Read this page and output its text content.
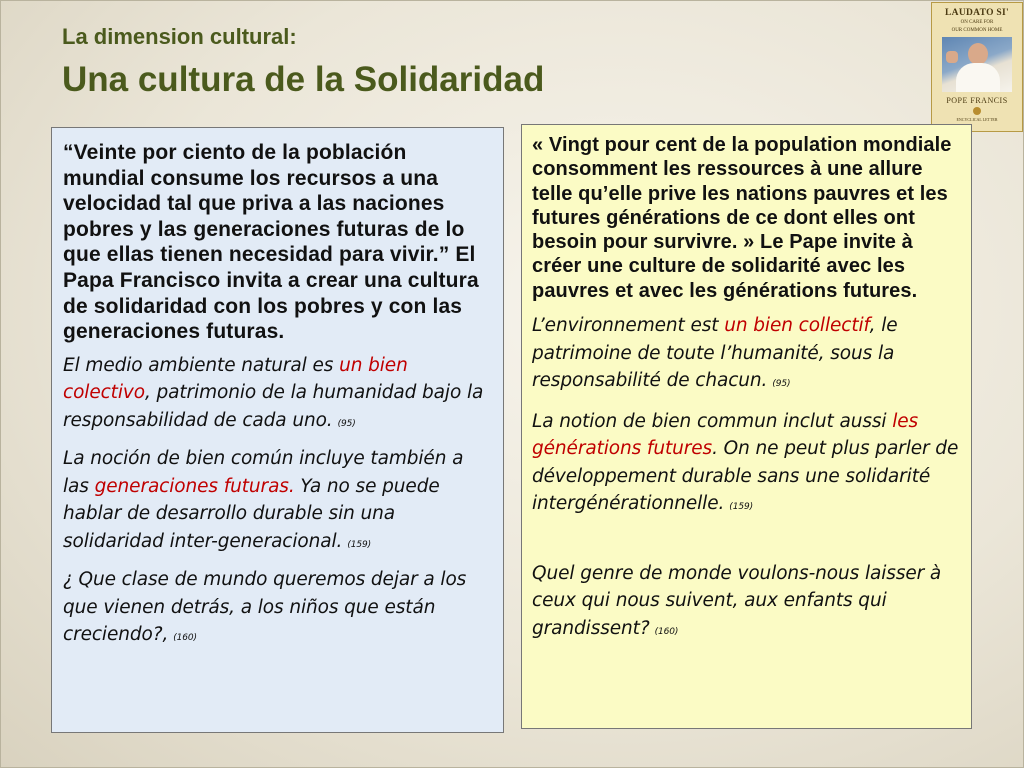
La dimension cultural:
Una cultura de la Solidaridad
LAUDATO SI'
ON CARE FOR
OUR COMMON HOME
POPE FRANCIS
ENCYCLICAL LETTER

“Veinte por ciento de la población mundial consume los recursos a una velocidad tal que priva a las naciones pobres y las generaciones futuras de lo que ellas tienen necesidad para vivir.” El Papa Francisco invita a crear una cultura de solidaridad con los pobres y con las generaciones futuras.

El medio ambiente natural es un bien colectivo, patrimonio de la humanidad bajo la responsabilidad de cada uno. (95)

La noción de bien común incluye también a las generaciones futuras. Ya no se puede hablar de desarrollo durable sin una solidaridad inter-generacional. (159)

¿ Que clase de mundo queremos dejar a los que vienen detrás, a los niños que están creciendo?, (160)

« Vingt pour cent de la population mondiale consomment les ressources à une allure telle qu’elle prive les nations pauvres et les futures générations de ce dont elles ont besoin pour survivre. » Le Pape invite à créer une culture de solidarité avec les pauvres et avec les générations futures.

L’environnement est un bien collectif, le patrimoine de toute l’humanité, sous la responsabilité de chacun. (95)

La notion de bien commun inclut aussi les générations futures. On ne peut plus parler de développement durable sans une solidarité intergénérationnelle. (159)

Quel genre de monde voulons-nous laisser à ceux qui nous suivent, aux enfants qui grandissent? (160)
